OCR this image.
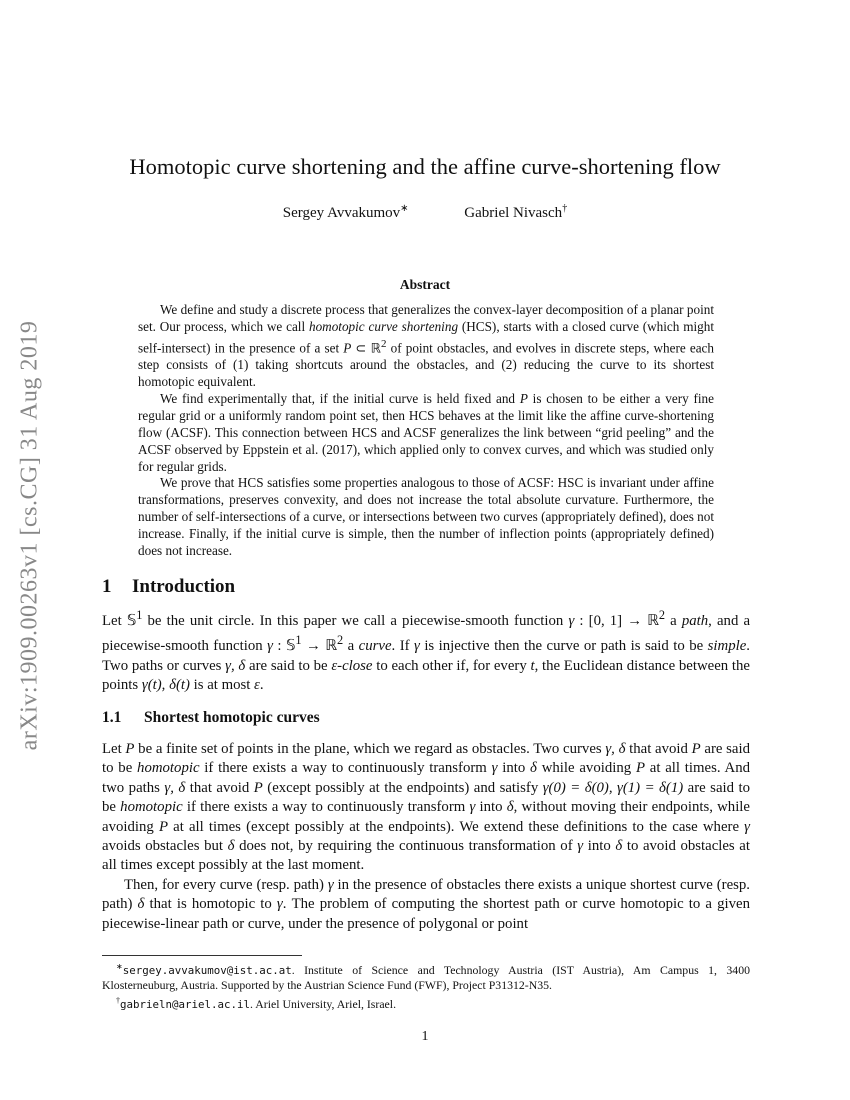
arXiv:1909.00263v1 [cs.CG] 31 Aug 2019
Homotopic curve shortening and the affine curve-shortening flow
Sergey Avvakumov∗	Gabriel Nivasch†
Abstract

We define and study a discrete process that generalizes the convex-layer decomposition of a planar point set. Our process, which we call homotopic curve shortening (HCS), starts with a closed curve (which might self-intersect) in the presence of a set P ⊂ ℝ$^2$ of point obstacles, and evolves in discrete steps, where each step consists of (1) taking shortcuts around the obstacles, and (2) reducing the curve to its shortest homotopic equivalent.

We find experimentally that, if the initial curve is held fixed and P is chosen to be either a very fine regular grid or a uniformly random point set, then HCS behaves at the limit like the affine curve-shortening flow (ACSF). This connection between HCS and ACSF generalizes the link between “grid peeling” and the ACSF observed by Eppstein et al. (2017), which applied only to convex curves, and which was studied only for regular grids.

We prove that HCS satisfies some properties analogous to those of ACSF: HSC is invariant under affine transformations, preserves convexity, and does not increase the total absolute curvature. Furthermore, the number of self-intersections of a curve, or intersections between two curves (appropriately defined), does not increase. Finally, if the initial curve is simple, then the number of inflection points (appropriately defined) does not increase.

1 Introduction

Let 𝕊$^1$ be the unit circle. In this paper we call a piecewise-smooth function γ : [0, 1] → ℝ$^2$ a path, and a piecewise-smooth function γ : 𝕊$^1$ → ℝ$^2$ a curve. If γ is injective then the curve or path is said to be simple. Two paths or curves γ, δ are said to be ε-close to each other if, for every t, the Euclidean distance between the points γ(t), δ(t) is at most ε.

1.1 Shortest homotopic curves

Let P be a finite set of points in the plane, which we regard as obstacles. Two curves γ, δ that avoid P are said to be homotopic if there exists a way to continuously transform γ into δ while avoiding P at all times. And two paths γ, δ that avoid P (except possibly at the endpoints) and satisfy γ(0) = δ(0), γ(1) = δ(1) are said to be homotopic if there exists a way to continuously transform γ into δ, without moving their endpoints, while avoiding P at all times (except possibly at the endpoints). We extend these definitions to the case where γ avoids obstacles but δ does not, by requiring the continuous transformation of γ into δ to avoid obstacles at all times except possibly at the last moment.

Then, for every curve (resp. path) γ in the presence of obstacles there exists a unique shortest curve (resp. path) δ that is homotopic to γ. The problem of computing the shortest path or curve homotopic to a given piecewise-linear path or curve, under the presence of polygonal or point

∗sergey.avvakumov@ist.ac.at. Institute of Science and Technology Austria (IST Austria), Am Campus 1, 3400 Klosterneuburg, Austria. Supported by the Austrian Science Fund (FWF), Project P31312-N35.

†gabrieln@ariel.ac.il. Ariel University, Ariel, Israel.

1
